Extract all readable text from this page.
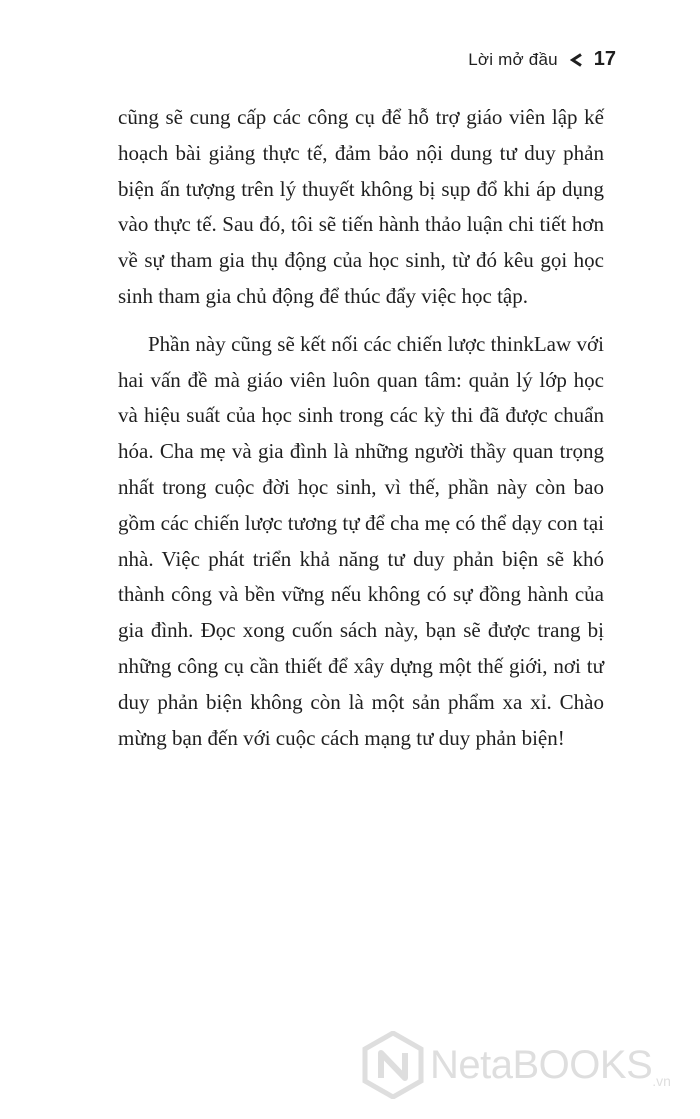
Lời mở đầu 17

cũng sẽ cung cấp các công cụ để hỗ trợ giáo viên lập kế hoạch bài giảng thực tế, đảm bảo nội dung tư duy phản biện ấn tượng trên lý thuyết không bị sụp đổ khi áp dụng vào thực tế. Sau đó, tôi sẽ tiến hành thảo luận chi tiết hơn về sự tham gia thụ động của học sinh, từ đó kêu gọi học sinh tham gia chủ động để thúc đẩy việc học tập.

Phần này cũng sẽ kết nối các chiến lược thinkLaw với hai vấn đề mà giáo viên luôn quan tâm: quản lý lớp học và hiệu suất của học sinh trong các kỳ thi đã được chuẩn hóa. Cha mẹ và gia đình là những người thầy quan trọng nhất trong cuộc đời học sinh, vì thế, phần này còn bao gồm các chiến lược tương tự để cha mẹ có thể dạy con tại nhà. Việc phát triển khả năng tư duy phản biện sẽ khó thành công và bền vững nếu không có sự đồng hành của gia đình. Đọc xong cuốn sách này, bạn sẽ được trang bị những công cụ cần thiết để xây dựng một thế giới, nơi tư duy phản biện không còn là một sản phẩm xa xỉ. Chào mừng bạn đến với cuộc cách mạng tư duy phản biện!

NetaBOOKS .vn
